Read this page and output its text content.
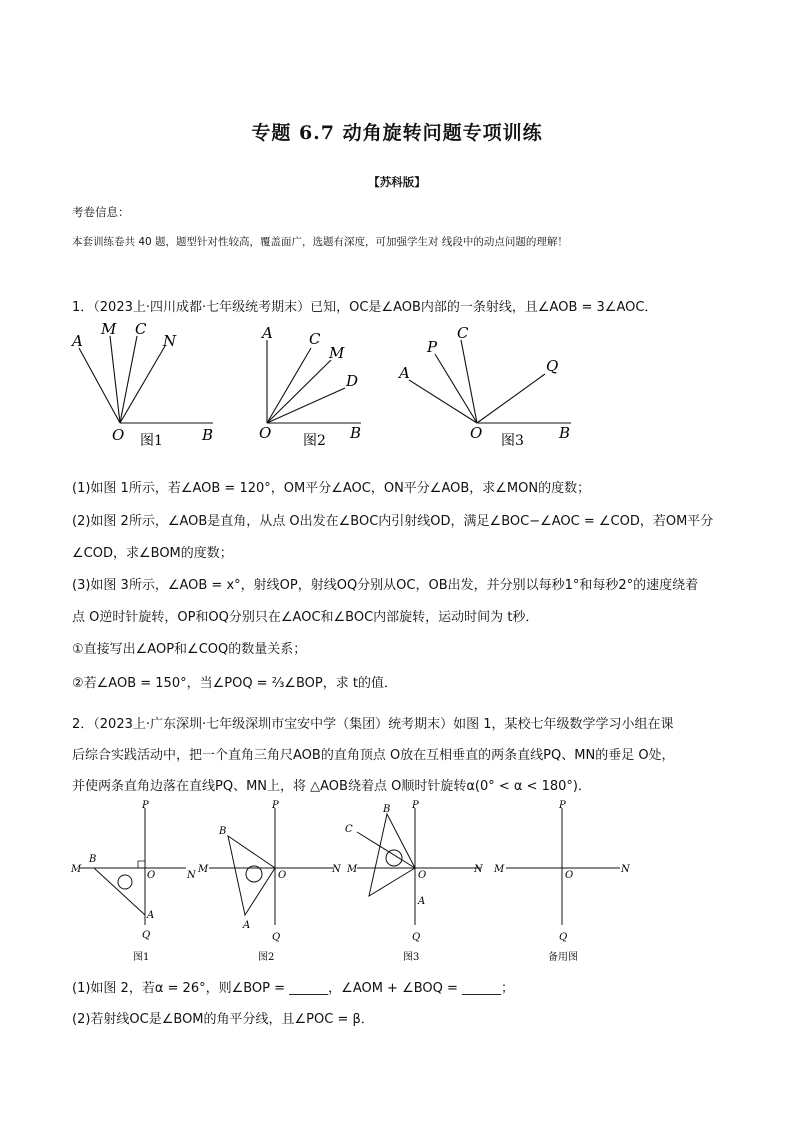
专题 6.7 动角旋转问题专项训练
【苏科版】
考卷信息：
本套训练卷共 40 题，题型针对性较高，覆盖面广，选题有深度，可加强学生对 线段中的动点问题的理解！
1．（2023上·四川成都·七年级统考期末）已知，OC是∠AOB内部的一条射线，且∠AOB = 3∠AOC．
A
M C
N
O	B
图1
A C
M
D
O	B
图2
A
P
C
Q
O	B
图3
(1)如图 1所示，若∠AOB = 120°，OM平分∠AOC，ON平分∠AOB，求∠MON的度数；
(2)如图 2所示，∠AOB是直角，从点 O出发在∠BOC内引射线OD，满足∠BOC−∠AOC = ∠COD，若OM平分
∠COD，求∠BOM的度数；
(3)如图 3所示，∠AOB = x°，射线OP，射线OQ分别从OC，OB出发，并分别以每秒1°和每秒2°的速度绕着
点 O逆时针旋转，OP和OQ分别只在∠AOC和∠BOC内部旋转，运动时间为 t秒．
①直接写出∠AOP和∠COQ的数量关系；
②若∠AOB = 150°，当∠POQ = ⅔∠BOP，求 t的值．
2．（2023上·广东深圳·七年级深圳市宝安中学（集团）统考期末）如图 1，某校七年级数学学习小组在课
后综合实践活动中，把一个直角三角尺AOB的直角顶点 O放在互相垂直的两条直线PQ、MN的垂足 O处，
并使两条直角边落在直线PQ、MN上，将 △AOB绕着点 O顺时针旋转α(0° < α < 180°)．
P
M
B
O	N
A
Q
图1
P
B
M
O
N
A
Q
图2
B P
C
M
O
N
A
Q
图3
P
M
O
N
Q
备用图
(1)如图 2，若α = 26°，则∠BOP = ______，∠AOM + ∠BOQ = ______；
(2)若射线OC是∠BOM的角平分线，且∠POC = β．
